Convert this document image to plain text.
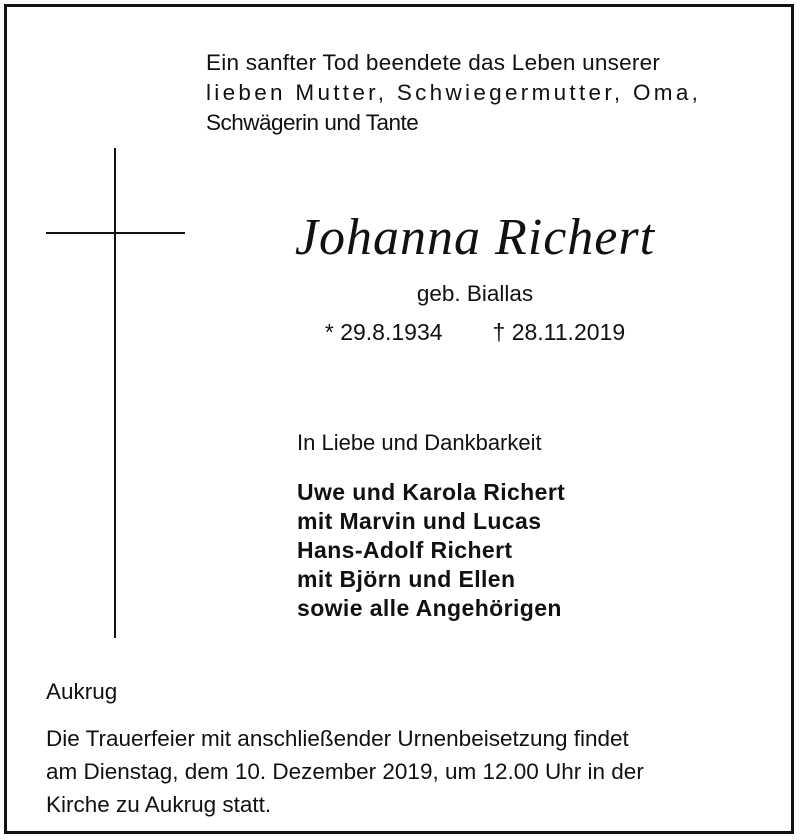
Ein sanfter Tod beendete das Leben unserer
lieben Mutter, Schwiegermutter, Oma,
Schwägerin und Tante
Johanna Richert
geb. Biallas
* 29.8.1934 † 28.11.2019
In Liebe und Dankbarkeit
Uwe und Karola Richert
mit Marvin und Lucas
Hans-Adolf Richert
mit Björn und Ellen
sowie alle Angehörigen
Aukrug
Die Trauerfeier mit anschließender Urnenbeisetzung findet
am Dienstag, dem 10. Dezember 2019, um 12.00 Uhr in der
Kirche zu Aukrug statt.
